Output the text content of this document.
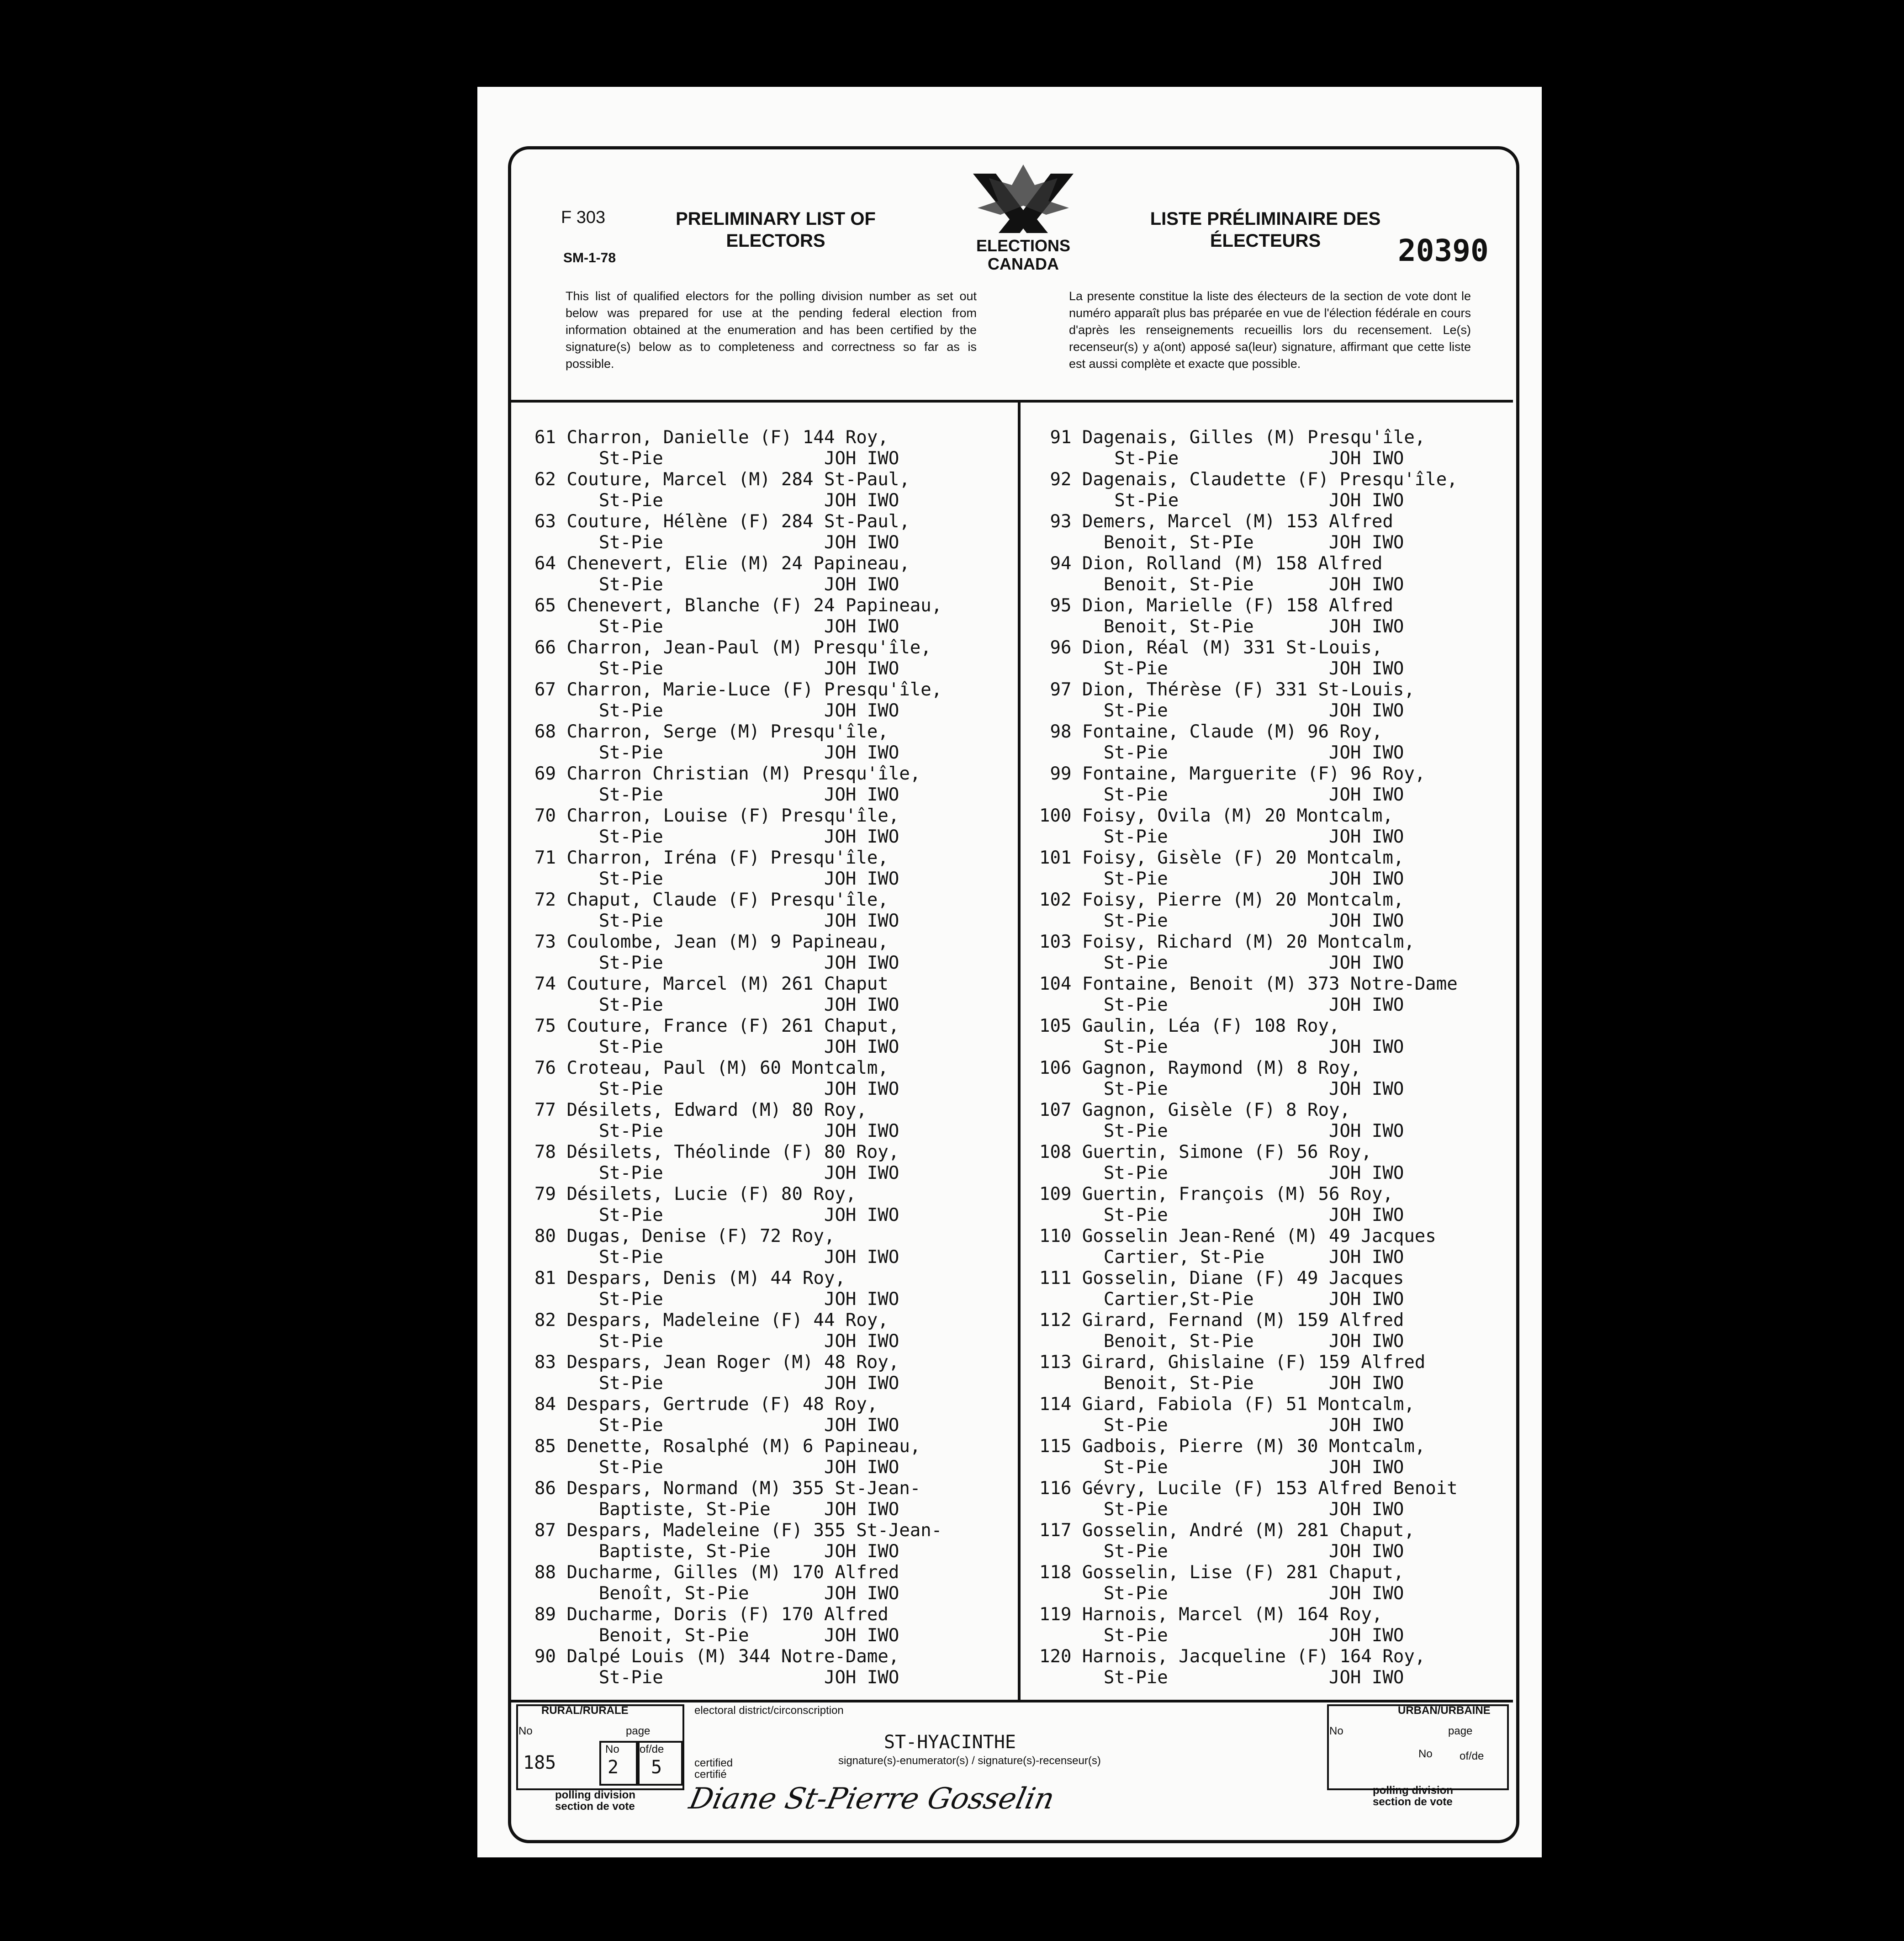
F 303
SM-1-78
PRELIMINARY LIST OF
ELECTORS	ELECTIONS
CANADA
LISTE PRÉLIMINAIRE DES
ÉLECTEURS	20390
This list of qualified electors for the polling division number as set out below was prepared for use at the pending federal election from information obtained at the enumeration and has been certified by the signature(s) below as to completeness and correctness so far as is possible.
La presente constitue la liste des électeurs de la section de vote dont le numéro apparaît plus bas préparée en vue de l'élection fédérale en cours d'après les renseignements recueillis lors du recensement. Le(s) recenseur(s) y a(ont) apposé sa(leur) signature, affirmant que cette liste est aussi complète et exacte que possible.
61 Charron, Danielle (F) 144 Roy,
St-Pie               JOH IWO
62 Couture, Marcel (M) 284 St-Paul,
St-Pie               JOH IWO
63 Couture, Hélène (F) 284 St-Paul,
St-Pie               JOH IWO
64 Chenevert, Elie (M) 24 Papineau,
St-Pie               JOH IWO
65 Chenevert, Blanche (F) 24 Papineau,
St-Pie               JOH IWO
66 Charron, Jean-Paul (M) Presqu'île,
St-Pie               JOH IWO
67 Charron, Marie-Luce (F) Presqu'île,
St-Pie               JOH IWO
68 Charron, Serge (M) Presqu'île,
St-Pie               JOH IWO
69 Charron Christian (M) Presqu'île,
St-Pie               JOH IWO
70 Charron, Louise (F) Presqu'île,
St-Pie               JOH IWO
71 Charron, Iréna (F) Presqu'île,
St-Pie               JOH IWO
72 Chaput, Claude (F) Presqu'île,
St-Pie               JOH IWO
73 Coulombe, Jean (M) 9 Papineau,
St-Pie               JOH IWO
74 Couture, Marcel (M) 261 Chaput
St-Pie               JOH IWO
75 Couture, France (F) 261 Chaput,
St-Pie               JOH IWO
76 Croteau, Paul (M) 60 Montcalm,
St-Pie               JOH IWO
77 Désilets, Edward (M) 80 Roy,
St-Pie               JOH IWO
78 Désilets, Théolinde (F) 80 Roy,
St-Pie               JOH IWO
79 Désilets, Lucie (F) 80 Roy,
St-Pie               JOH IWO
80 Dugas, Denise (F) 72 Roy,
St-Pie               JOH IWO
81 Despars, Denis (M) 44 Roy,
St-Pie               JOH IWO
82 Despars, Madeleine (F) 44 Roy,
St-Pie               JOH IWO
83 Despars, Jean Roger (M) 48 Roy,
St-Pie               JOH IWO
84 Despars, Gertrude (F) 48 Roy,
St-Pie               JOH IWO
85 Denette, Rosalphé (M) 6 Papineau,
St-Pie               JOH IWO
86 Despars, Normand (M) 355 St-Jean-
Baptiste, St-Pie     JOH IWO
87 Despars, Madeleine (F) 355 St-Jean-
Baptiste, St-Pie     JOH IWO
88 Ducharme, Gilles (M) 170 Alfred
Benoît, St-Pie       JOH IWO
89 Ducharme, Doris (F) 170 Alfred
Benoit, St-Pie       JOH IWO
90 Dalpé Louis (M) 344 Notre-Dame,
St-Pie               JOH IWO
91 Dagenais, Gilles (M) Presqu'île,
St-Pie              JOH IWO
92 Dagenais, Claudette (F) Presqu'île,
St-Pie              JOH IWO
93 Demers, Marcel (M) 153 Alfred
Benoit, St-PIe       JOH IWO
94 Dion, Rolland (M) 158 Alfred
Benoit, St-Pie       JOH IWO
95 Dion, Marielle (F) 158 Alfred
Benoit, St-Pie       JOH IWO
96 Dion, Réal (M) 331 St-Louis,
St-Pie               JOH IWO
97 Dion, Thérèse (F) 331 St-Louis,
St-Pie               JOH IWO
98 Fontaine, Claude (M) 96 Roy,
St-Pie               JOH IWO
99 Fontaine, Marguerite (F) 96 Roy,
St-Pie               JOH IWO
100 Foisy, Ovila (M) 20 Montcalm,
St-Pie               JOH IWO
101 Foisy, Gisèle (F) 20 Montcalm,
St-Pie               JOH IWO
102 Foisy, Pierre (M) 20 Montcalm,
St-Pie               JOH IWO
103 Foisy, Richard (M) 20 Montcalm,
St-Pie               JOH IWO
104 Fontaine, Benoit (M) 373 Notre-Dame
St-Pie               JOH IWO
105 Gaulin, Léa (F) 108 Roy,
St-Pie               JOH IWO
106 Gagnon, Raymond (M) 8 Roy,
St-Pie               JOH IWO
107 Gagnon, Gisèle (F) 8 Roy,
St-Pie               JOH IWO
108 Guertin, Simone (F) 56 Roy,
St-Pie               JOH IWO
109 Guertin, François (M) 56 Roy,
St-Pie               JOH IWO
110 Gosselin Jean-René (M) 49 Jacques
Cartier, St-Pie      JOH IWO
111 Gosselin, Diane (F) 49 Jacques
Cartier,St-Pie       JOH IWO
112 Girard, Fernand (M) 159 Alfred
Benoit, St-Pie       JOH IWO
113 Girard, Ghislaine (F) 159 Alfred
Benoit, St-Pie       JOH IWO
114 Giard, Fabiola (F) 51 Montcalm,
St-Pie               JOH IWO
115 Gadbois, Pierre (M) 30 Montcalm,
St-Pie               JOH IWO
116 Gévry, Lucile (F) 153 Alfred Benoit
St-Pie               JOH IWO
117 Gosselin, André (M) 281 Chaput,
St-Pie               JOH IWO
118 Gosselin, Lise (F) 281 Chaput,
St-Pie               JOH IWO
119 Harnois, Marcel (M) 164 Roy,
St-Pie               JOH IWO
120 Harnois, Jacqueline (F) 164 Roy,
St-Pie               JOH IWO
RURAL/RURALE
No	page
185
No
2
of/de
5
polling division
section de vote
certified
certifié
electoral district/circonscription
ST-HYACINTHE
signature(s)-enumerator(s) / signature(s)-recenseur(s)
Diane St-Pierre Gosselin
URBAN/URBAINE
No	page
No of/de
polling division
section de vote
